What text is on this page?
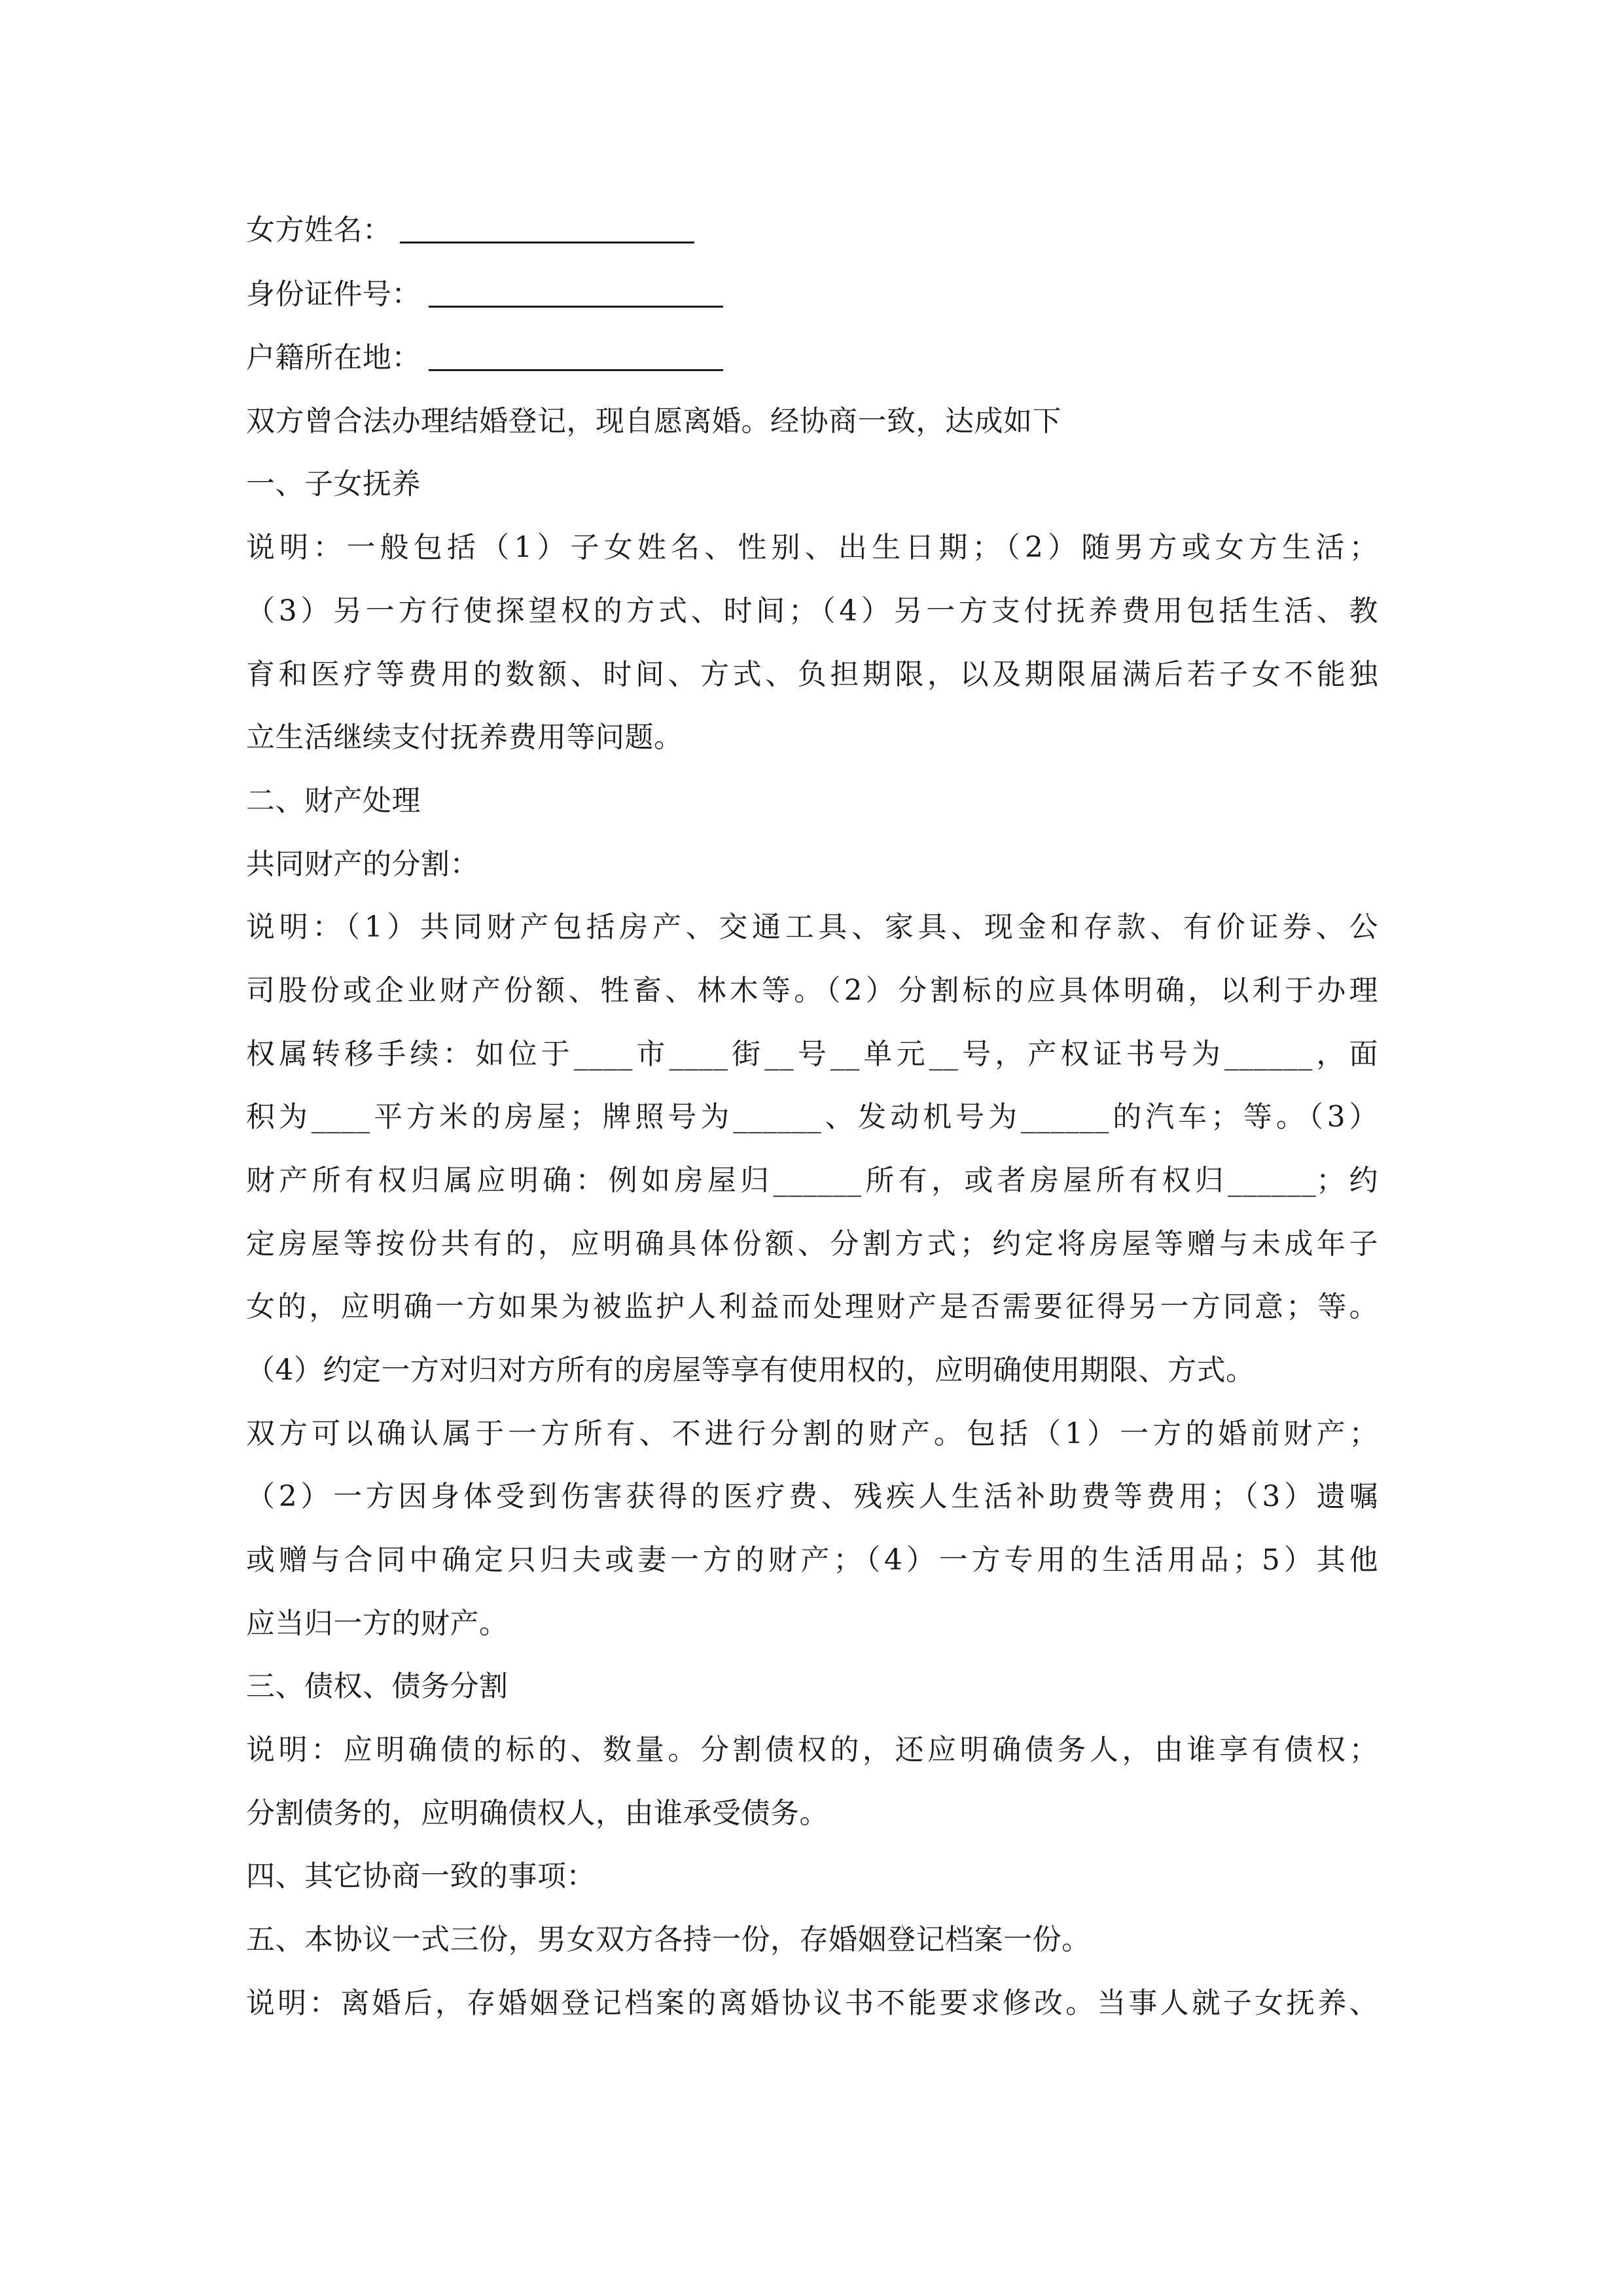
女方姓名：
身份证件号：
户籍所在地：
双方曾合法办理结婚登记，现自愿离婚。经协商一致，达成如下
一、子女抚养
说明：一般包括（1）子女姓名、性别、出生日期；（2）随男方或女方生活；
（3）另一方行使探望权的方式、时间；（4）另一方支付抚养费用包括生活、教
育和医疗等费用的数额、时间、方式、负担期限，以及期限届满后若子女不能独
立生活继续支付抚养费用等问题。
二、财产处理
共同财产的分割：
说明：（1）共同财产包括房产、交通工具、家具、现金和存款、有价证券、公
司股份或企业财产份额、牲畜、林木等。（2）分割标的应具体明确，以利于办理
权属转移手续：如位于____市____街__号__单元__号，产权证书号为______，面
积为____平方米的房屋；牌照号为______、发动机号为______的汽车；等。（3）
财产所有权归属应明确：例如房屋归______所有，或者房屋所有权归______；约
定房屋等按份共有的，应明确具体份额、分割方式；约定将房屋等赠与未成年子
女的，应明确一方如果为被监护人利益而处理财产是否需要征得另一方同意；等。
（4）约定一方对归对方所有的房屋等享有使用权的，应明确使用期限、方式。
双方可以确认属于一方所有、不进行分割的财产。包括（1）一方的婚前财产；
（2）一方因身体受到伤害获得的医疗费、残疾人生活补助费等费用；（3）遗嘱
或赠与合同中确定只归夫或妻一方的财产；（4）一方专用的生活用品；5）其他
应当归一方的财产。
三、债权、债务分割
说明：应明确债的标的、数量。分割债权的，还应明确债务人，由谁享有债权；
分割债务的，应明确债权人，由谁承受债务。
四、其它协商一致的事项：
五、本协议一式三份，男女双方各持一份，存婚姻登记档案一份。
说明：离婚后，存婚姻登记档案的离婚协议书不能要求修改。当事人就子女抚养、
